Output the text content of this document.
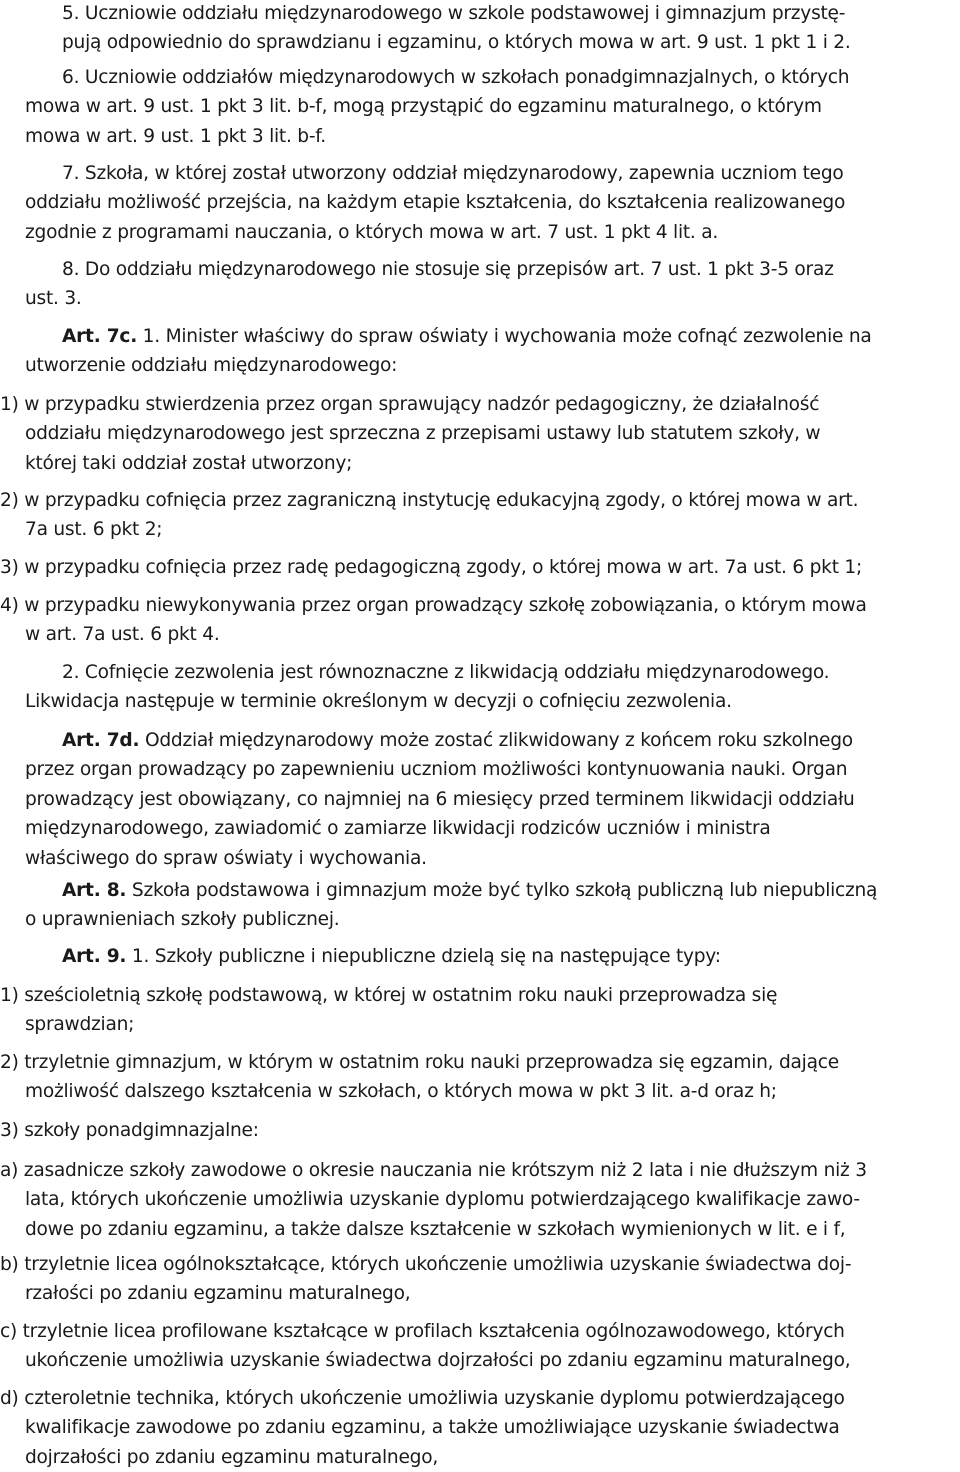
5. Uczniowie oddziału międzynarodowego w szkole podstawowej i gimnazjum przystę-
pują odpowiednio do sprawdzianu i egzaminu, o których mowa w art. 9 ust. 1 pkt 1 i 2.
6. Uczniowie oddziałów międzynarodowych w szkołach ponadgimnazjalnych, o których
mowa w art. 9 ust. 1 pkt 3 lit. b-f, mogą przystąpić do egzaminu maturalnego, o którym
mowa w art. 9 ust. 1 pkt 3 lit. b-f.
7. Szkoła, w której został utworzony oddział międzynarodowy, zapewnia uczniom tego
oddziału możliwość przejścia, na każdym etapie kształcenia, do kształcenia realizowanego
zgodnie z programami nauczania, o których mowa w art. 7 ust. 1 pkt 4 lit. a.
8. Do oddziału międzynarodowego nie stosuje się przepisów art. 7 ust. 1 pkt 3-5 oraz
ust. 3.
Art. 7c. 1. Minister właściwy do spraw oświaty i wychowania może cofnąć zezwolenie na
utworzenie oddziału międzynarodowego:
1) w przypadku stwierdzenia przez organ sprawujący nadzór pedagogiczny, że działalność
oddziału międzynarodowego jest sprzeczna z przepisami ustawy lub statutem szkoły, w
której taki oddział został utworzony;
2) w przypadku cofnięcia przez zagraniczną instytucję edukacyjną zgody, o której mowa w art.
7a ust. 6 pkt 2;
3) w przypadku cofnięcia przez radę pedagogiczną zgody, o której mowa w art. 7a ust. 6 pkt 1;
4) w przypadku niewykonywania przez organ prowadzący szkołę zobowiązania, o którym mowa
w art. 7a ust. 6 pkt 4.
2. Cofnięcie zezwolenia jest równoznaczne z likwidacją oddziału międzynarodowego.
Likwidacja następuje w terminie określonym w decyzji o cofnięciu zezwolenia.
Art. 7d. Oddział międzynarodowy może zostać zlikwidowany z końcem roku szkolnego
przez organ prowadzący po zapewnieniu uczniom możliwości kontynuowania nauki. Organ
prowadzący jest obowiązany, co najmniej na 6 miesięcy przed terminem likwidacji oddziału
międzynarodowego, zawiadomić o zamiarze likwidacji rodziców uczniów i ministra
właściwego do spraw oświaty i wychowania.
Art. 8. Szkoła podstawowa i gimnazjum może być tylko szkołą publiczną lub niepubliczną
o uprawnieniach szkoły publicznej.
Art. 9. 1. Szkoły publiczne i niepubliczne dzielą się na następujące typy:
1) sześcioletnią szkołę podstawową, w której w ostatnim roku nauki przeprowadza się
sprawdzian;
2) trzyletnie gimnazjum, w którym w ostatnim roku nauki przeprowadza się egzamin, dające
możliwość dalszego kształcenia w szkołach, o których mowa w pkt 3 lit. a-d oraz h;
3) szkoły ponadgimnazjalne:
a) zasadnicze szkoły zawodowe o okresie nauczania nie krótszym niż 2 lata i nie dłuższym niż 3
lata, których ukończenie umożliwia uzyskanie dyplomu potwierdzającego kwalifikacje zawo-
dowe po zdaniu egzaminu, a także dalsze kształcenie w szkołach wymienionych w lit. e i f,
b) trzyletnie licea ogólnokształcące, których ukończenie umożliwia uzyskanie świadectwa doj-
rzałości po zdaniu egzaminu maturalnego,
c) trzyletnie licea profilowane kształcące w profilach kształcenia ogólnozawodowego, których
ukończenie umożliwia uzyskanie świadectwa dojrzałości po zdaniu egzaminu maturalnego,
d) czteroletnie technika, których ukończenie umożliwia uzyskanie dyplomu potwierdzającego
kwalifikacje zawodowe po zdaniu egzaminu, a także umożliwiające uzyskanie świadectwa
dojrzałości po zdaniu egzaminu maturalnego,
